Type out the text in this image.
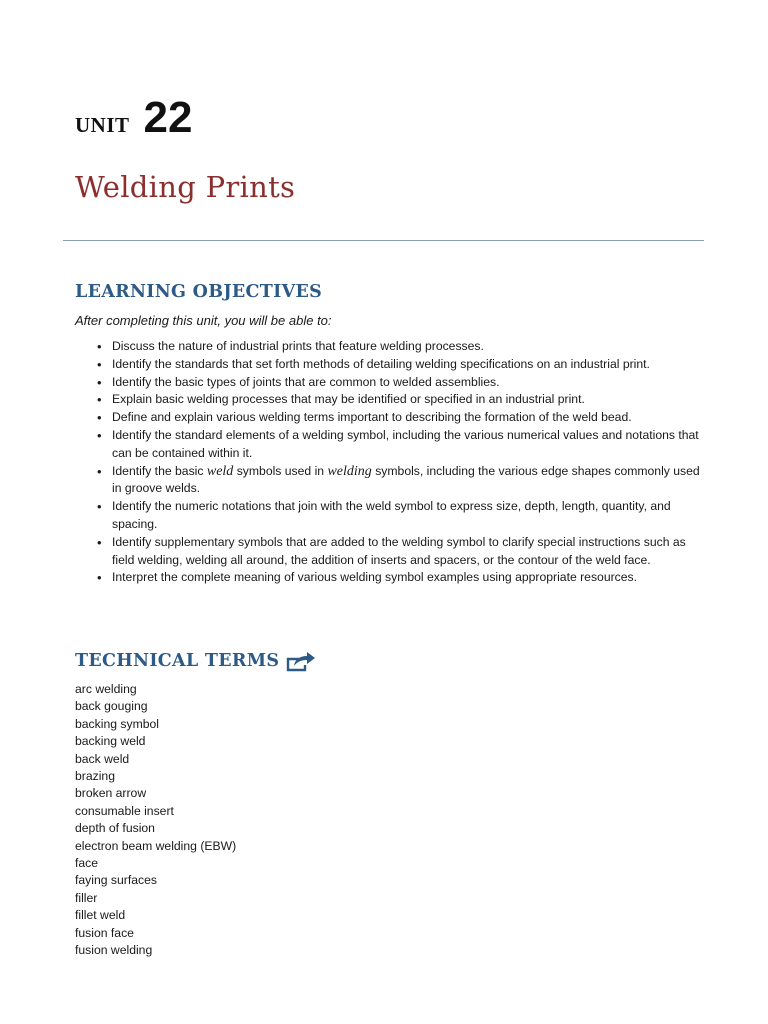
UNIT 22
Welding Prints
LEARNING OBJECTIVES

After completing this unit, you will be able to:

• Discuss the nature of industrial prints that feature welding processes.
• Identify the standards that set forth methods of detailing welding specifications on an industrial print.
• Identify the basic types of joints that are common to welded assemblies.
• Explain basic welding processes that may be identified or specified in an industrial print.
• Define and explain various welding terms important to describing the formation of the weld bead.
• Identify the standard elements of a welding symbol, including the various numerical values and notations that can be contained within it.
• Identify the basic weld symbols used in welding symbols, including the various edge shapes commonly used in groove welds.
• Identify the numeric notations that join with the weld symbol to express size, depth, length, quantity, and spacing.
• Identify supplementary symbols that are added to the welding symbol to clarify special instructions such as field welding, welding all around, the addition of inserts and spacers, or the contour of the weld face.
• Interpret the complete meaning of various welding symbol examples using appropriate resources.
TECHNICAL TERMS
arc welding
back gouging
backing symbol
backing weld
back weld
brazing
broken arrow
consumable insert
depth of fusion
electron beam welding (EBW)
face
faying surfaces
filler
fillet weld
fusion face
fusion welding
